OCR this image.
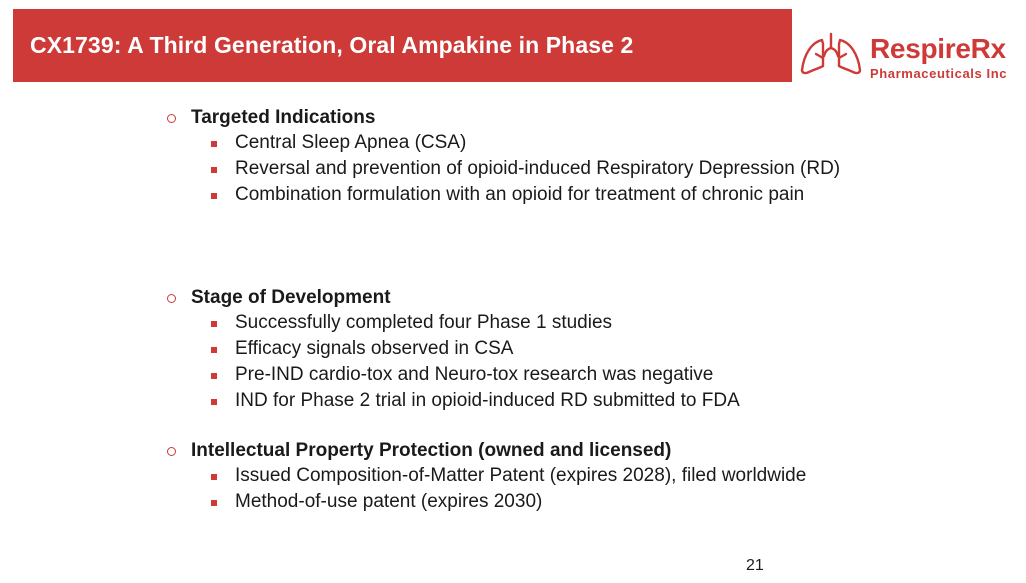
CX1739: A Third Generation, Oral Ampakine in Phase 2	RespireRx
Pharmaceuticals Inc
Targeted Indications
Central Sleep Apnea (CSA)
Reversal and prevention of opioid-induced Respiratory Depression (RD)
Combination formulation with an opioid for treatment of chronic pain
Stage of Development
Successfully completed four Phase 1 studies
Efficacy signals observed in CSA
Pre-IND cardio-tox and Neuro-tox research was negative
IND for Phase 2 trial in opioid-induced RD submitted to FDA
Intellectual Property Protection (owned and licensed)
Issued Composition-of-Matter Patent (expires 2028), filed worldwide
Method-of-use patent (expires 2030)
21
